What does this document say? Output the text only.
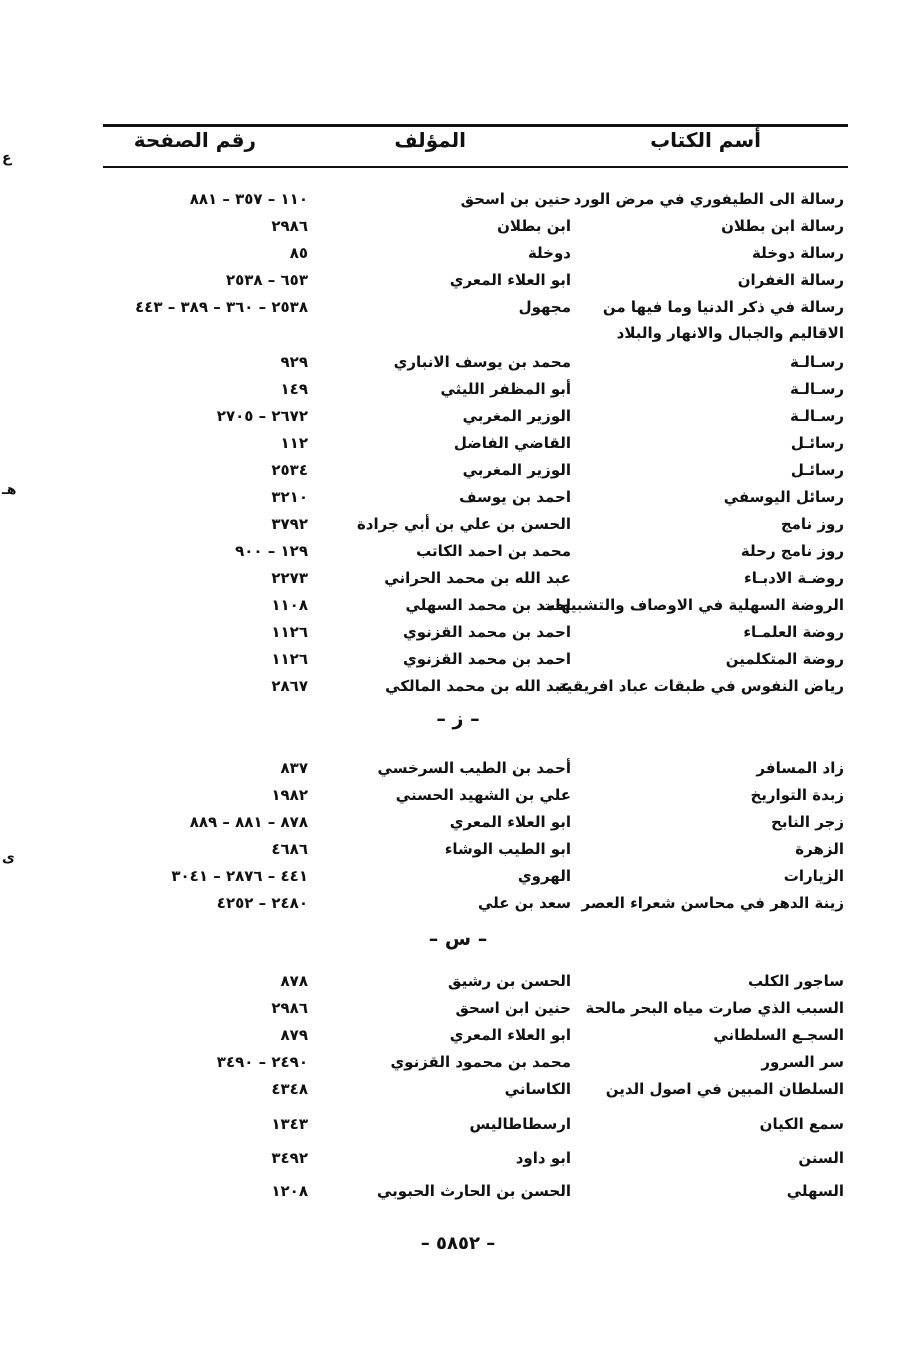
أسم الكتاب
المؤلف
رقم الصفحة
رسالة الى الطيفوري في مرض الورد
حنين بن اسحق
١١٠ – ٣٥٧ – ٨٨١
رسالة ابن بطلان
ابن بطلان
٢٩٨٦
رسالة دوخلة
دوخلة
٨٥
رسالة الغفران
ابو العلاء المعري
٦٥٣ – ٢٥٣٨
رسالة في ذكر الدنيا وما فيها من
مجهول
٢٥٣٨ – ٣٦٠ – ٣٨٩ – ٤٤٣
الاقاليم والجبال والانهار والبلاد
رسـالـة
محمد بن يوسف الانباري
٩٢٩
رسـالـة
أبو المظفر الليثي
١٤٩
رسـالـة
الوزير المغربي
٢٦٧٢ – ٢٧٠٥
رسائـل
القاضي الفاضل
١١٢
رسائـل
الوزير المغربي
٢٥٣٤
رسائل اليوسفي
احمد بن يوسف
٣٢١٠
روز نامج
الحسن بن علي بن أبي جرادة
٣٧٩٢
روز نامج رحلة
محمد بن احمد الكاتب
١٢٩ – ٩٠٠
روضـة الادبـاء
عبد الله بن محمد الحراني
٢٢٧٣
الروضة السهلية في الاوصاف والتشبيهات
احمد بن محمد السهلي
١١٠٨
روضة العلمـاء
احمد بن محمد القزنوي
١١٢٦
روضة المتكلمين
احمد بن محمد القزنوي
١١٢٦
رياض النفوس في طبقات عباد افريقية
عبد الله بن محمد المالكي
٢٨٦٧
– ز –
زاد المسافر
أحمد بن الطيب السرخسي
٨٣٧
زبدة التواريخ
علي بن الشهيد الحسني
١٩٨٢
زجر النابح
ابو العلاء المعري
٨٧٨ – ٨٨١ – ٨٨٩
الزهرة
ابو الطيب الوشاء
٤٦٨٦
الزيارات
الهروي
٤٤١ – ٢٨٧٦ – ٣٠٤١
زينة الدهر في محاسن شعراء العصر
سعد بن علي
٢٤٨٠ – ٤٢٥٢
– س –
ساجور الكلب
الحسن بن رشيق
٨٧٨
السبب الذي صارت مياه البحر مالحة
حنين ابن اسحق
٢٩٨٦
السجـع السلطاني
ابو العلاء المعري
٨٧٩
سر السرور
محمد بن محمود القزنوي
٢٤٩٠ – ٣٤٩٠
السلطان المبين في اصول الدين
الكاساني
٤٣٤٨
سمع الكيان
ارسطاطاليس
١٣٤٣
السنن
ابو داود
٣٤٩٢
السهلي
الحسن بن الحارث الحبوبي
١٢٠٨
– ٥٨٥٢ –
ع
هـ
ى
